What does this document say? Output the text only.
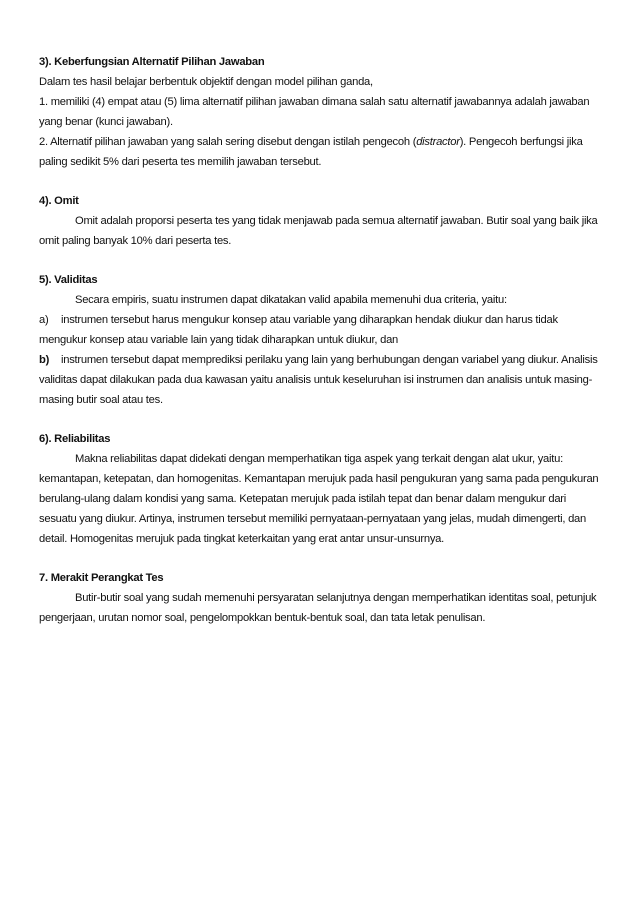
3). Keberfungsian Alternatif Pilihan Jawaban

Dalam tes hasil belajar berbentuk objektif dengan model pilihan ganda,

1. memiliki (4) empat atau (5) lima alternatif pilihan jawaban dimana salah satu alternatif jawabannya adalah jawaban yang benar (kunci jawaban).

2. Alternatif pilihan jawaban yang salah sering disebut dengan istilah pengecoh (distractor). Pengecoh berfungsi jika paling sedikit 5% dari peserta tes memilih jawaban tersebut.

4). Omit

Omit adalah proporsi peserta tes yang tidak menjawab pada semua alternatif jawaban. Butir soal yang baik jika omit paling banyak 10% dari peserta tes.

5). Validitas

Secara empiris, suatu instrumen dapat dikatakan valid apabila memenuhi dua criteria, yaitu:

a)	instrumen tersebut harus mengukur konsep atau variable yang diharapkan hendak diukur dan harus tidak

mengukur konsep atau variable lain yang tidak diharapkan untuk diukur, dan

b)	instrumen tersebut dapat memprediksi perilaku yang lain yang berhubungan dengan variabel yang diukur. Analisis

validitas dapat dilakukan pada dua kawasan yaitu analisis untuk keseluruhan isi instrumen dan analisis untuk masing-masing butir soal atau tes.

6). Reliabilitas

Makna reliabilitas dapat didekati dengan memperhatikan tiga aspek yang terkait dengan alat ukur, yaitu: kemantapan, ketepatan, dan homogenitas. Kemantapan merujuk pada hasil pengukuran yang sama pada pengukuran berulang-ulang dalam kondisi yang sama. Ketepatan merujuk pada istilah tepat dan benar dalam mengukur dari sesuatu yang diukur. Artinya, instrumen tersebut memiliki pernyataan-pernyataan yang jelas, mudah dimengerti, dan detail. Homogenitas merujuk pada tingkat keterkaitan yang erat antar unsur-unsurnya.

7. Merakit Perangkat Tes

Butir-butir soal yang sudah memenuhi persyaratan selanjutnya dengan memperhatikan identitas soal, petunjuk pengerjaan, urutan nomor soal, pengelompokkan bentuk-bentuk soal, dan tata letak penulisan.
